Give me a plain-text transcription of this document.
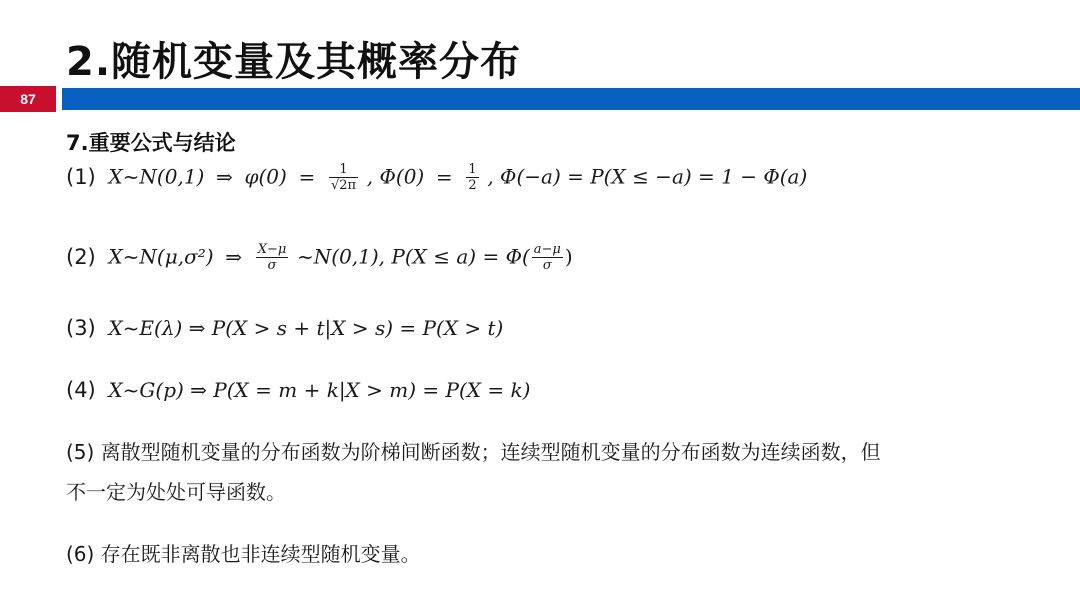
2.随机变量及其概率分布
87
7.重要公式与结论
(1) X~N(0,1) ⇒ $\varphi(0) = \frac{1}{√2\pi}$ , $\Phi(0) = \frac{1}{2}$ , Φ(−a) = P(X ≤ −a) = 1 − Φ(a)
(2) X~N(μ,σ²) ⇒ $\frac{X-\mu}{\sigma}$ ~N(0,1), $P(X \le a) = \Phi( \frac{a-\mu}{\sigma}$ )
(3) X~E(λ) ⇒ P(X > s + t|X > s) = P(X > t)
(4) X~G(p) ⇒ P(X = m + k|X > m) = P(X = k)
(5) 离散型随机变量的分布函数为阶梯间断函数；连续型随机变量的分布函数为连续函数，但
不一定为处处可导函数。
(6) 存在既非离散也非连续型随机变量。
